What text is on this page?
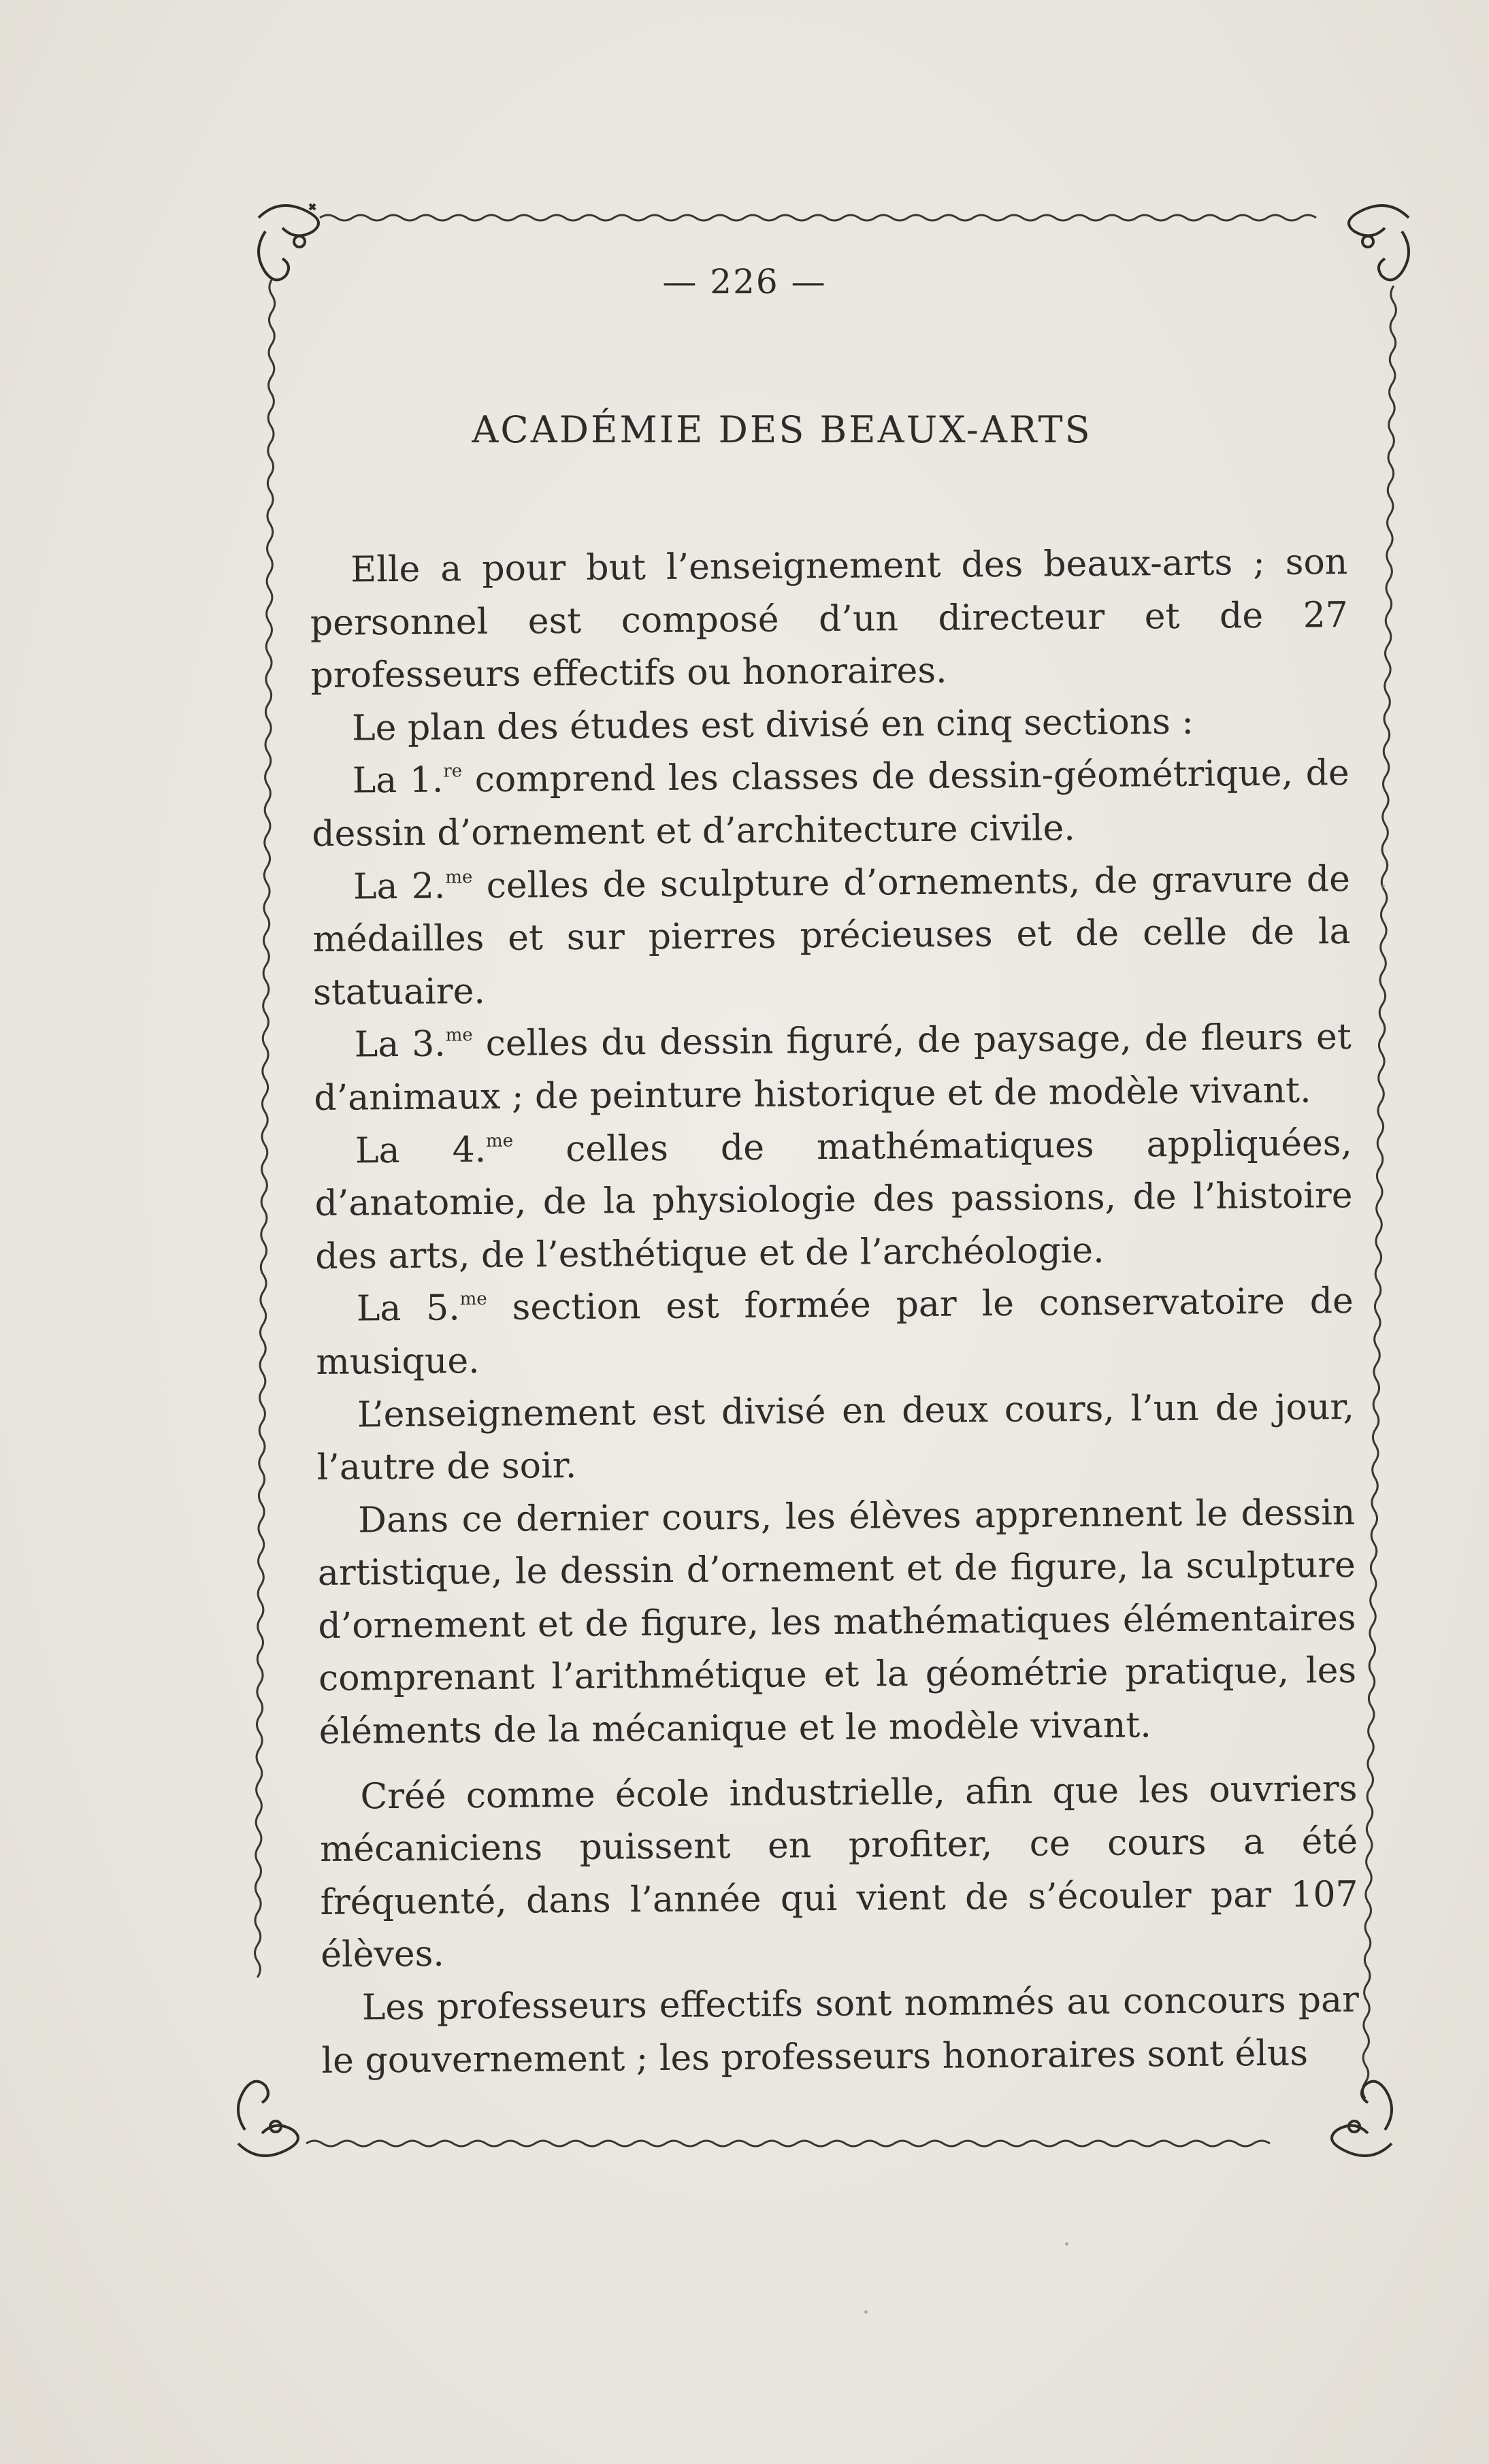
— 226 —
ACADÉMIE DES BEAUX-ARTS

Elle a pour but l’enseignement des beaux-arts ; son personnel est composé d’un directeur et de 27 professeurs effectifs ou honoraires.

Le plan des études est divisé en cinq sections :

La 1.$^{re}$ comprend les classes de dessin-géométrique, de dessin d’ornement et d’architecture civile.

La 2.$^{me}$ celles de sculpture d’ornements, de gravure de médailles et sur pierres précieuses et de celle de la statuaire.

La 3.$^{me}$ celles du dessin figuré, de paysage, de fleurs et d’animaux ; de peinture historique et de modèle vivant.

La 4.$^{me}$ celles de mathématiques appliquées, d’anatomie, de la physiologie des passions, de l’histoire des arts, de l’esthétique et de l’archéologie.

La 5.$^{me}$ section est formée par le conservatoire de musique.

L’enseignement est divisé en deux cours, l’un de jour, l’autre de soir.

Dans ce dernier cours, les élèves apprennent le dessin artistique, le dessin d’ornement et de figure, la sculpture d’ornement et de figure, les mathématiques élémentaires comprenant l’arithmétique et la géométrie pratique, les éléments de la mécanique et le modèle vivant.

Créé comme école industrielle, afin que les ouvriers mécaniciens puissent en profiter, ce cours a été fréquenté, dans l’année qui vient de s’écouler par 107 élèves.

Les professeurs effectifs sont nommés au concours par le gouvernement ; les professeurs honoraires sont élus
